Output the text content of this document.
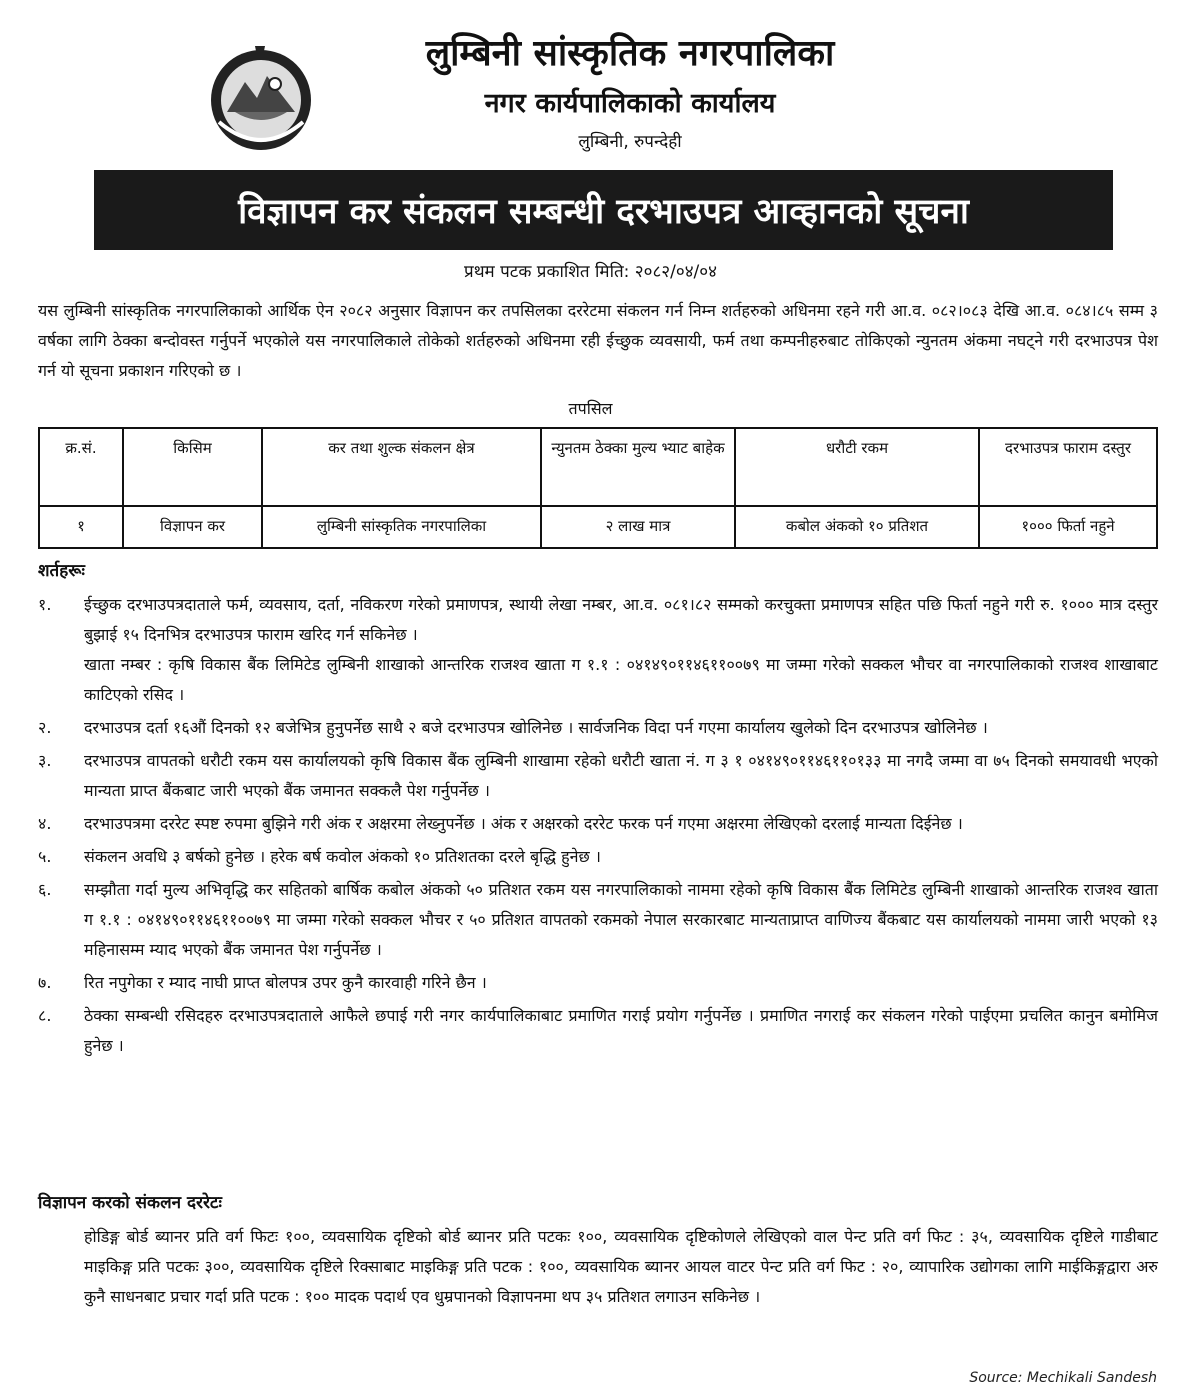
लुम्बिनी सांस्कृतिक नगरपालिका
नगर कार्यपालिकाको कार्यालय
लुम्बिनी, रुपन्देही
विज्ञापन कर संकलन सम्बन्धी दरभाउपत्र आव्हानको सूचना
प्रथम पटक प्रकाशित मिति: २०८२/०४/०४
यस लुम्बिनी सांस्कृतिक नगरपालिकाको आर्थिक ऐन २०८२ अनुसार विज्ञापन कर तपसिलका दररेटमा संकलन गर्न निम्न शर्तहरुको अधिनमा रहने गरी आ.व. ०८२।०८३ देखि आ.व. ०८४।८५ सम्म ३ वर्षका लागि ठेक्का बन्दोवस्त गर्नुपर्ने भएकोले यस नगरपालिकाले तोकेको शर्तहरुको अधिनमा रही ईच्छुक व्यवसायी, फर्म तथा कम्पनीहरुबाट तोकिएको न्युनतम अंकमा नघट्ने गरी दरभाउपत्र पेश गर्न यो सूचना प्रकाशन गरिएको छ ।
तपसिल
क्र.सं.	किसिम	कर तथा शुल्क संकलन क्षेत्र	न्युनतम ठेक्का मुल्य भ्याट बाहेक	धरौटी रकम	दरभाउपत्र फाराम दस्तुर
१	विज्ञापन कर	लुम्बिनी सांस्कृतिक नगरपालिका	२ लाख मात्र	कबोल अंकको १० प्रतिशत	१००० फिर्ता नहुने
शर्तहरूः
१.	ईच्छुक दरभाउपत्रदाताले फर्म, व्यवसाय, दर्ता, नविकरण गरेको प्रमाणपत्र, स्थायी लेखा नम्बर, आ.व. ०८१।८२ सम्मको करचुक्ता प्रमाणपत्र सहित पछि फिर्ता नहुने गरी रु. १००० मात्र दस्तुर बुझाई १५ दिनभित्र दरभाउपत्र फाराम खरिद गर्न सकिनेछ ।
खाता नम्बर : कृषि विकास बैंक लिमिटेड लुम्बिनी शाखाको आन्तरिक राजश्व खाता ग १.१ : ०४१४९०११४६११००७९ मा जम्मा गरेको सक्कल भौचर वा नगरपालिकाको राजश्व शाखाबाट काटिएको रसिद ।
२.	दरभाउपत्र दर्ता १६औं दिनको १२ बजेभित्र हुनुपर्नेछ साथै २ बजे दरभाउपत्र खोलिनेछ । सार्वजनिक विदा पर्न गएमा कार्यालय खुलेको दिन दरभाउपत्र खोलिनेछ ।
३.	दरभाउपत्र वापतको धरौटी रकम यस कार्यालयको कृषि विकास बैंक लुम्बिनी शाखामा रहेको धरौटी खाता नं. ग ३ १ ०४१४९०११४६११०१३३ मा नगदै जम्मा वा ७५ दिनको समयावधी भएको मान्यता प्राप्त बैंकबाट जारी भएको बैंक जमानत सक्कलै पेश गर्नुपर्नेछ ।
४.	दरभाउपत्रमा दररेट स्पष्ट रुपमा बुझिने गरी अंक र अक्षरमा लेख्नुपर्नेछ । अंक र अक्षरको दररेट फरक पर्न गएमा अक्षरमा लेखिएको दरलाई मान्यता दिईनेछ ।
५.	संकलन अवधि ३ बर्षको हुनेछ । हरेक बर्ष कवोल अंकको १० प्रतिशतका दरले बृद्धि हुनेछ ।
६.	सम्झौता गर्दा मुल्य अभिवृद्धि कर सहितको बार्षिक कबोल अंकको ५० प्रतिशत रकम यस नगरपालिकाको नाममा रहेको कृषि विकास बैंक लिमिटेड लुम्बिनी शाखाको आन्तरिक राजश्व खाता ग १.१ : ०४१४९०११४६११००७९ मा जम्मा गरेको सक्कल भौचर र ५० प्रतिशत वापतको रकमको नेपाल सरकारबाट मान्यताप्राप्त वाणिज्य बैंकबाट यस कार्यालयको नाममा जारी भएको १३ महिनासम्म म्याद भएको बैंक जमानत पेश गर्नुपर्नेछ ।
७.	रित नपुगेका र म्याद नाघी प्राप्त बोलपत्र उपर कुनै कारवाही गरिने छैन ।
८.	ठेक्का सम्बन्धी रसिदहरु दरभाउपत्रदाताले आफैले छपाई गरी नगर कार्यपालिकाबाट प्रमाणित गराई प्रयोग गर्नुपर्नेछ । प्रमाणित नगराई कर संकलन गरेको पाईएमा प्रचलित कानुन बमोमिज हुनेछ ।
विज्ञापन करको संकलन दररेटः
होडिङ्ग बोर्ड ब्यानर प्रति वर्ग फिटः १००, व्यवसायिक दृष्टिको बोर्ड ब्यानर प्रति पटकः १००, व्यवसायिक दृष्टिकोणले लेखिएको वाल पेन्ट प्रति वर्ग फिट : ३५, व्यवसायिक दृष्टिले गाडीबाट माइकिङ्ग प्रति पटकः ३००, व्यवसायिक दृष्टिले रिक्साबाट माइकिङ्ग प्रति पटक : १००, व्यवसायिक ब्यानर आयल वाटर पेन्ट प्रति वर्ग फिट : २०, व्यापारिक उद्योगका लागि माईकिङ्गद्वारा अरु कुनै साधनबाट प्रचार गर्दा प्रति पटक : १०० मादक पदार्थ एव धुम्रपानको विज्ञापनमा थप ३५ प्रतिशत लगाउन सकिनेछ ।
Source: Mechikali Sandesh
